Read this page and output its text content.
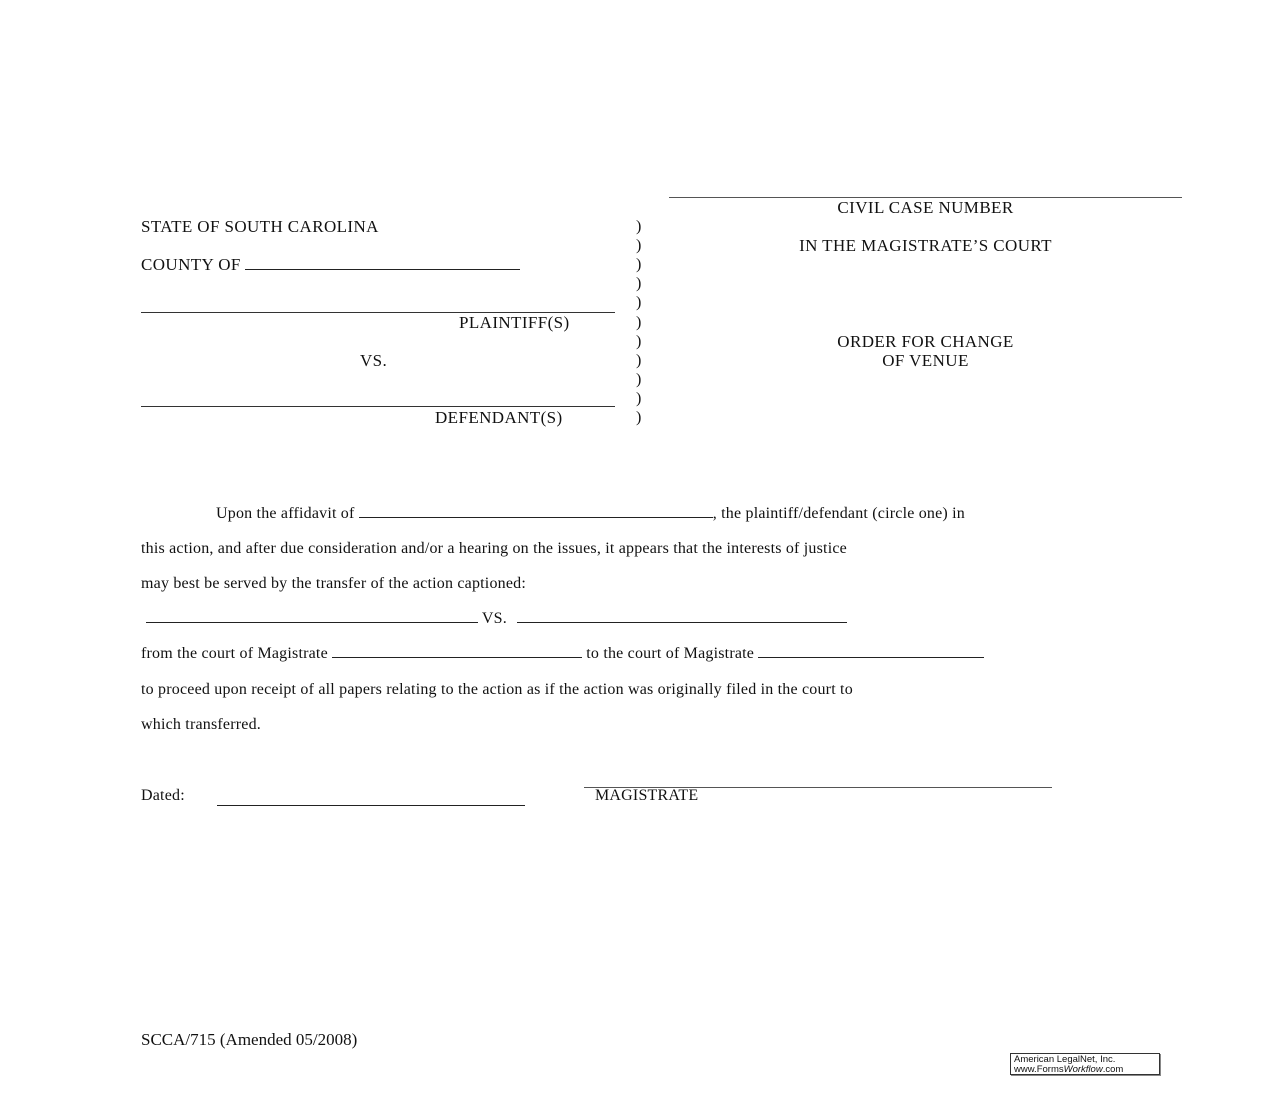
STATE OF SOUTH CAROLINA
COUNTY OF
PLAINTIFF(S)
VS.
DEFENDANT(S)
)
)
)
)
)
)
)
)
)
)
)
CIVIL CASE NUMBER
IN THE MAGISTRATE’S COURT
ORDER FOR CHANGE
OF VENUE
Upon the affidavit of	, the plaintiff/defendant (circle one) in
this action, and after due consideration and/or a hearing on the issues, it appears that the interests of justice
may best be served by the transfer of the action captioned:
VS.
from the court of Magistrate	to the court of Magistrate
to proceed upon receipt of all papers relating to the action as if the action was originally filed in the court to
which transferred.
Dated:	MAGISTRATE
SCCA/715 (Amended 05/2008)
American LegalNet, Inc.
www.FormsWorkflow.com
